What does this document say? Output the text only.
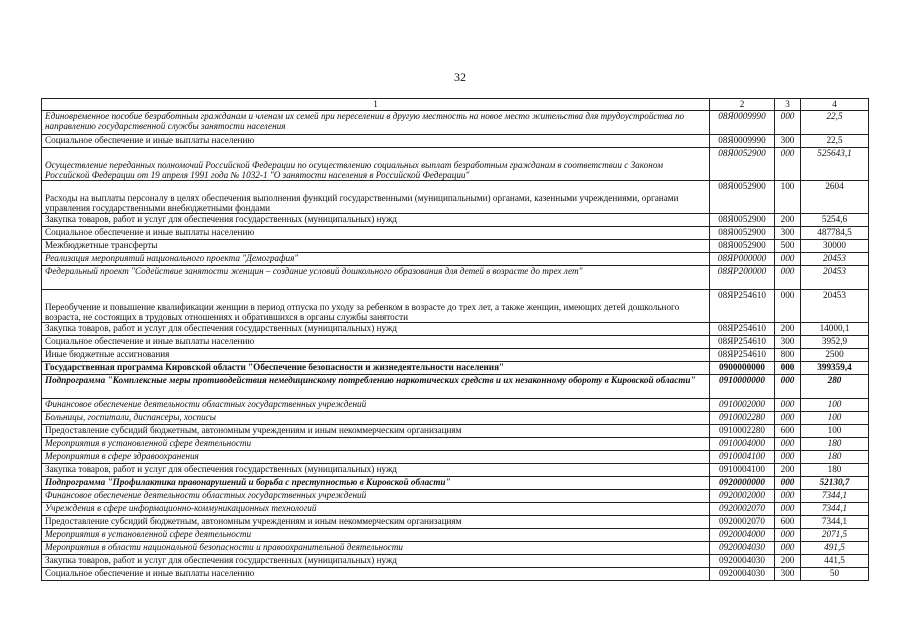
32
1	2	3	4
Единовременное пособие безработным гражданам и членам их семей при переселении в другую местность на новое место жительства для трудоустройства по направлению государственной службы занятости населения	08Я0009990	000	22,5
Социальное обеспечение и иные выплаты населению	08Я0009990	300	22,5
Осуществление переданных полномочий Российской Федерации по осуществлению социальных выплат безработным гражданам в соответствии с Законом Российской Федерации от 19 апреля 1991 года № 1032-1 "О занятости населения в Российской Федерации"	08Я0052900	000	525643,1
Расходы на выплаты персоналу в целях обеспечения выполнения функций государственными (муниципальными) органами, казенными учреждениями, органами управления государственными внебюджетными фондами	08Я0052900	100	2604
Закупка товаров, работ и услуг для обеспечения государственных (муниципальных) нужд	08Я0052900	200	5254,6
Социальное обеспечение и иные выплаты населению	08Я0052900	300	487784,5
Межбюджетные трансферты	08Я0052900	500	30000
Реализация мероприятий национального проекта "Демография"	08ЯР000000	000	20453
Федеральный проект "Содействие занятости женщин – создание условий дошкольного образования для детей в возрасте до трех лет"	08ЯР200000	000	20453
Переобучение и повышение квалификации женщин в период отпуска по уходу за ребенком в возрасте до трех лет, а также женщин, имеющих детей дошкольного возраста, не состоящих в трудовых отношениях и обратившихся в органы службы занятости	08ЯР254610	000	20453
Закупка товаров, работ и услуг для обеспечения государственных (муниципальных) нужд	08ЯР254610	200	14000,1
Социальное обеспечение и иные выплаты населению	08ЯР254610	300	3952,9
Иные бюджетные ассигнования	08ЯР254610	800	2500
Государственная программа Кировской области "Обеспечение безопасности и жизнедеятельности населения"	0900000000	000	399359,4
Подпрограмма "Комплексные меры противодействия немедицинскому потреблению наркотических средств и их незаконному обороту в Кировской области"	0910000000	000	280
Финансовое обеспечение деятельности областных государственных учреждений	0910002000	000	100
Больницы, госпитали, диспансеры, хосписы	0910002280	000	100
Предоставление субсидий бюджетным, автономным учреждениям и иным некоммерческим организациям	0910002280	600	100
Мероприятия в установленной сфере деятельности	0910004000	000	180
Мероприятия в сфере здравоохранения	0910004100	000	180
Закупка товаров, работ и услуг для обеспечения государственных (муниципальных) нужд	0910004100	200	180
Подпрограмма "Профилактика правонарушений и борьба с преступностью в Кировской области"	0920000000	000	52130,7
Финансовое обеспечение деятельности областных государственных учреждений	0920002000	000	7344,1
Учреждения в сфере информационно-коммуникационных технологий	0920002070	000	7344,1
Предоставление субсидий бюджетным, автономным учреждениям и иным некоммерческим организациям	0920002070	600	7344,1
Мероприятия в установленной сфере деятельности	0920004000	000	2071,5
Мероприятия в области национальной безопасности и правоохранительной деятельности	0920004030	000	491,5
Закупка товаров, работ и услуг для обеспечения государственных (муниципальных) нужд	0920004030	200	441,5
Социальное обеспечение и иные выплаты населению	0920004030	300	50
